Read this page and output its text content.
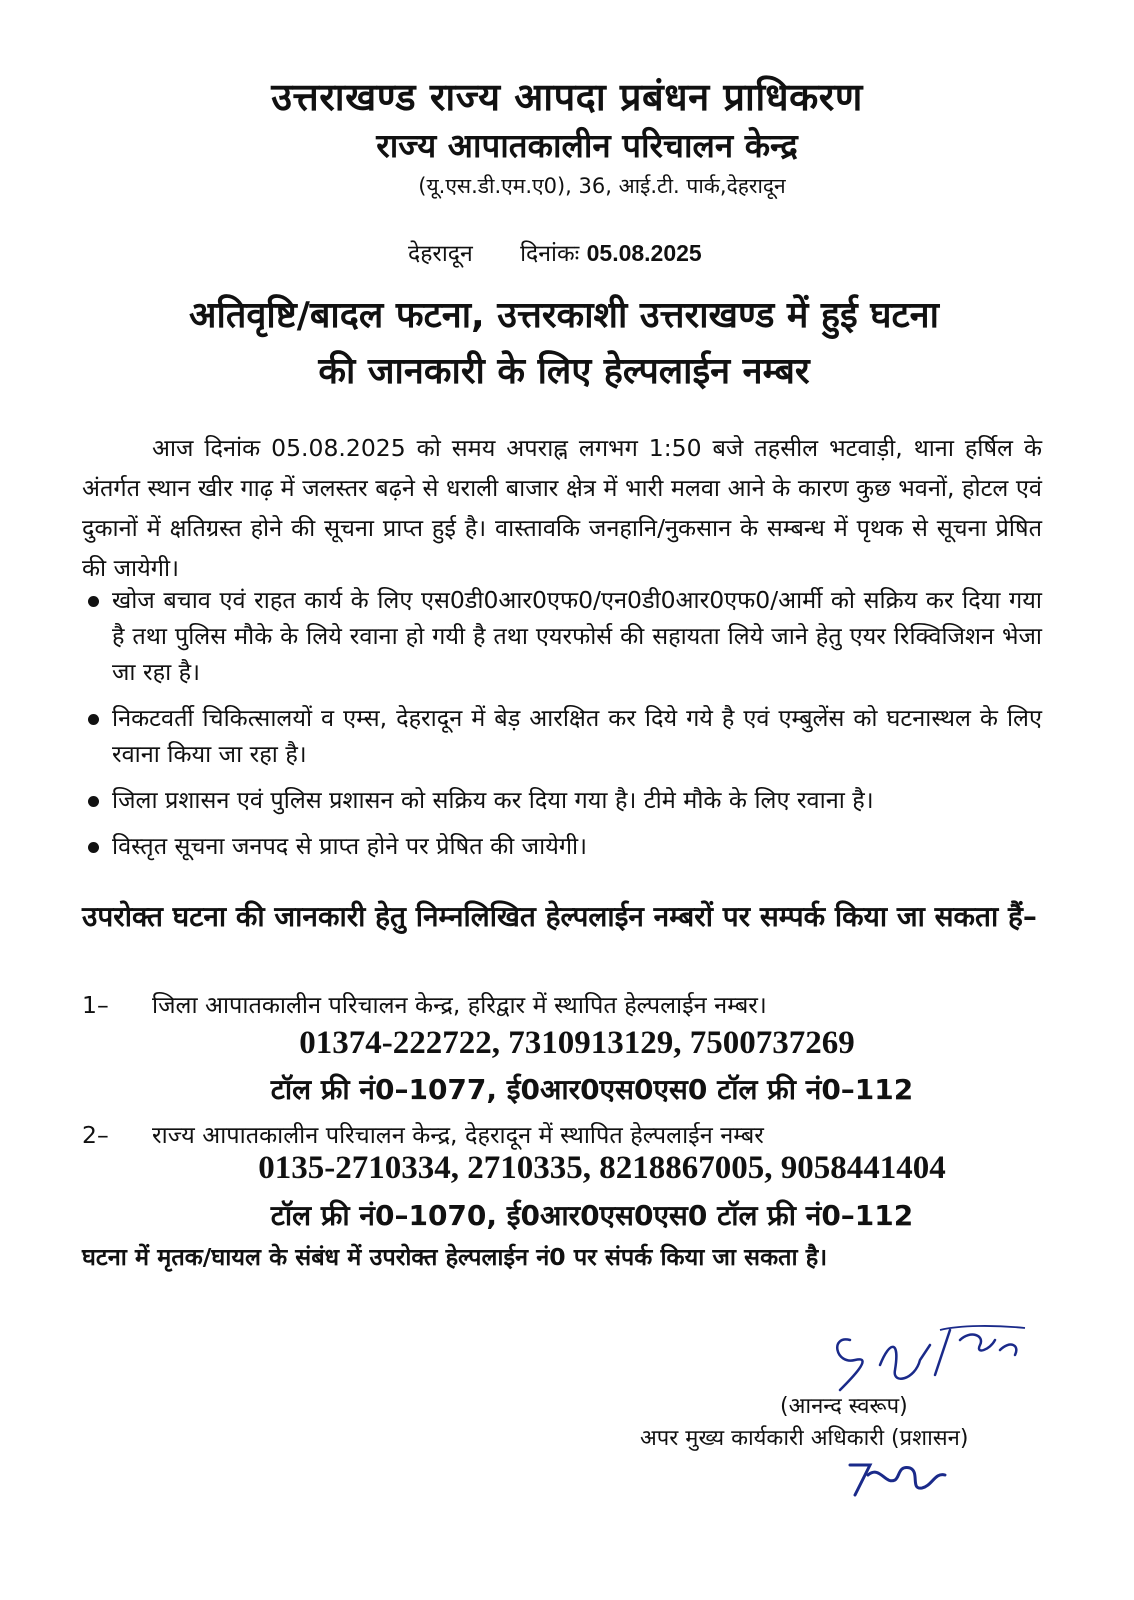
उत्तराखण्ड राज्य आपदा प्रबंधन प्राधिकरण
राज्य आपातकालीन परिचालन केन्द्र
(यू.एस.डी.एम.ए0), 36, आई.टी. पार्क,देहरादून
देहरादून दिनांकः 05.08.2025
अतिवृष्टि/बादल फटना, उत्तरकाशी उत्तराखण्ड में हुई घटना
की जानकारी के लिए हेल्पलाईन नम्बर
आज दिनांक 05.08.2025 को समय अपराह्न लगभग 1:50 बजे तहसील भटवाड़ी, थाना हर्षिल के अंतर्गत स्थान खीर गाढ़ में जलस्तर बढ़ने से धराली बाजार क्षेत्र में भारी मलवा आने के कारण कुछ भवनों, होटल एवं दुकानों में क्षतिग्रस्त होने की सूचना प्राप्त हुई है। वास्तावकि जनहानि/नुकसान के सम्बन्ध में पृथक से सूचना प्रेषित की जायेगी।
खोज बचाव एवं राहत कार्य के लिए एस0डी0आर0एफ0/एन0डी0आर0एफ0/आर्मी को सक्रिय कर दिया गया है तथा पुलिस मौके के लिये रवाना हो गयी है तथा एयरफोर्स की सहायता लिये जाने हेतु एयर रिक्विजिशन भेजा जा रहा है।
निकटवर्ती चिकित्सालयों व एम्स, देहरादून में बेड़ आरक्षित कर दिये गये है एवं एम्बुलेंस को घटनास्थल के लिए रवाना किया जा रहा है।
जिला प्रशासन एवं पुलिस प्रशासन को सक्रिय कर दिया गया है। टीमे मौके के लिए रवाना है।
विस्तृत सूचना जनपद से प्राप्त होने पर प्रेषित की जायेगी।
उपरोक्त घटना की जानकारी हेतु निम्नलिखित हेल्पलाईन नम्बरों पर सम्पर्क किया जा सकता हैं–
1– जिला आपातकालीन परिचालन केन्द्र, हरिद्वार में स्थापित हेल्पलाईन नम्बर।
01374-222722, 7310913129, 7500737269
टॉल फ्री नं0–1077, ई0आर0एस0एस0 टॉल फ्री नं0–112
2– राज्य आपातकालीन परिचालन केन्द्र, देहरादून में स्थापित हेल्पलाईन नम्बर
0135-2710334, 2710335, 8218867005, 9058441404
टॉल फ्री नं0–1070, ई0आर0एस0एस0 टॉल फ्री नं0–112
घटना में मृतक/घायल के संबंध में उपरोक्त हेल्पलाईन नं0 पर संपर्क किया जा सकता है।
(आनन्द स्वरूप)
अपर मुख्य कार्यकारी अधिकारी (प्रशासन)
